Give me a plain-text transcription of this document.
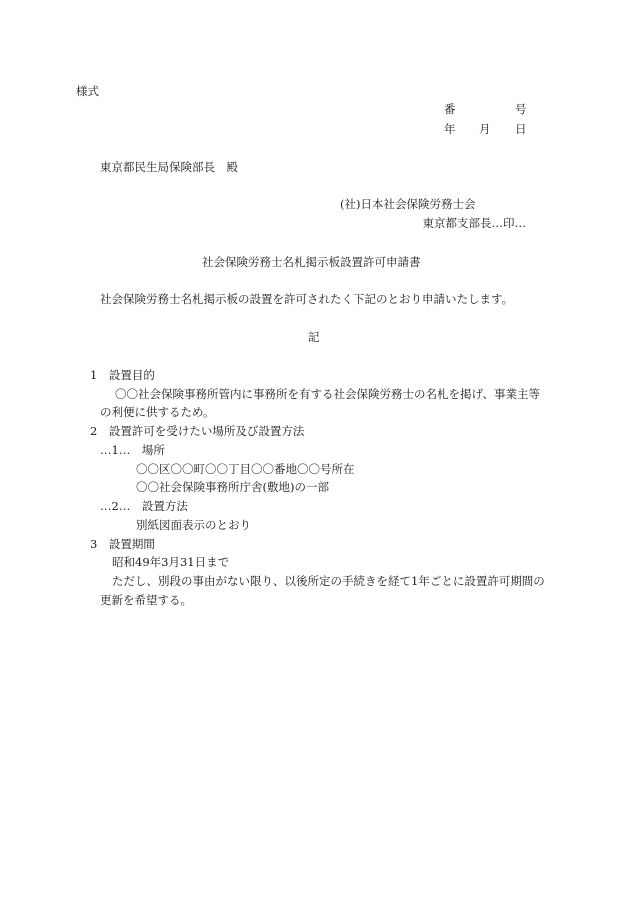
様式
番	号
年 月 日
東京都民生局保険部長　殿
(社)日本社会保険労務士会
東京都支部長…印…
社会保険労務士名札掲示板設置許可申請書
社会保険労務士名札掲示板の設置を許可されたく下記のとおり申請いたします。
記
1　設置目的
〇〇社会保険事務所管内に事務所を有する社会保険労務士の名札を掲げ、事業主等
の利便に供するため。
2　設置許可を受けたい場所及び設置方法
…1…　場所
〇〇区〇〇町〇〇丁目〇〇番地〇〇号所在
〇〇社会保険事務所庁舎(敷地)の一部
…2…　設置方法
別紙図面表示のとおり
3　設置期間
昭和49年3月31日まで
ただし、別段の事由がない限り、以後所定の手続きを経て1年ごとに設置許可期間の
更新を希望する。
